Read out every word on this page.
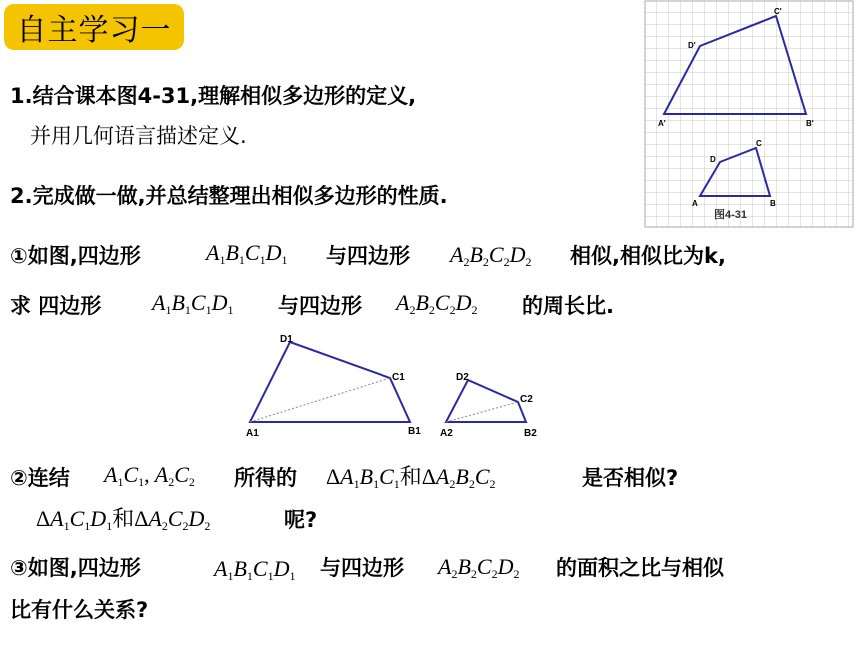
自主学习一
A'	B'
C'
D'
A	B
C
D
图4-31
1.结合课本图4-31,理解相似多边形的定义,
并用几何语言描述定义.
2.完成做一做,并总结整理出相似多边形的性质.
①如图,四边形	$A_1B_1C_1D_1$ 与四边形 $A_2B_2C_2D_2$ 相似,相似比为k,
求 四边形 $A_1B_1C_1D_1$ 与四边形 $A_2B_2C_2D_2$ 的周长比.
A1	B1
C1
D1
A2	B2
C2
D2
②连结 $A_1C_1$, $A_2C_2$ 所得的 $\Delta A_1B_1C_1$和$\Delta A_2B_2C_2$	是否相似?
$\Delta A_1C_1D_1$和$\Delta A_2C_2D_2$	呢?
③如图,四边形	$A_1B_1C_1D_1$ 与四边形 $A_2B_2C_2D_2$ 的面积之比与相似
比有什么关系?
